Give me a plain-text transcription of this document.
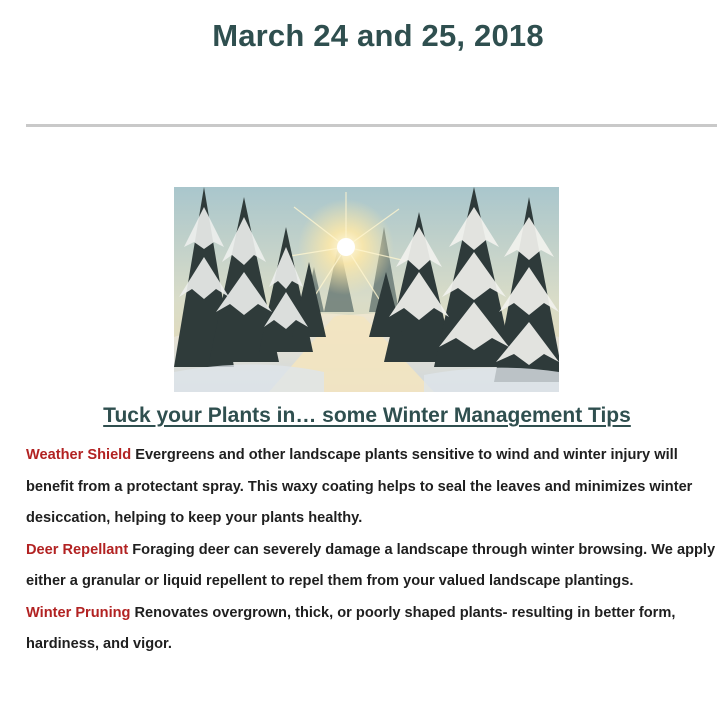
March 24 and 25, 2018
Tuck your Plants in… some Winter Management Tips

Weather Shield Evergreens and other landscape plants sensitive to wind and winter injury will benefit from a protectant spray. This waxy coating helps to seal the leaves and minimizes winter desiccation, helping to keep your plants healthy.

Deer Repellant Foraging deer can severely damage a landscape through winter browsing. We apply either a granular or liquid repellent to repel them from your valued landscape plantings.

Winter Pruning Renovates overgrown, thick, or poorly shaped plants- resulting in better form, hardiness, and vigor.
